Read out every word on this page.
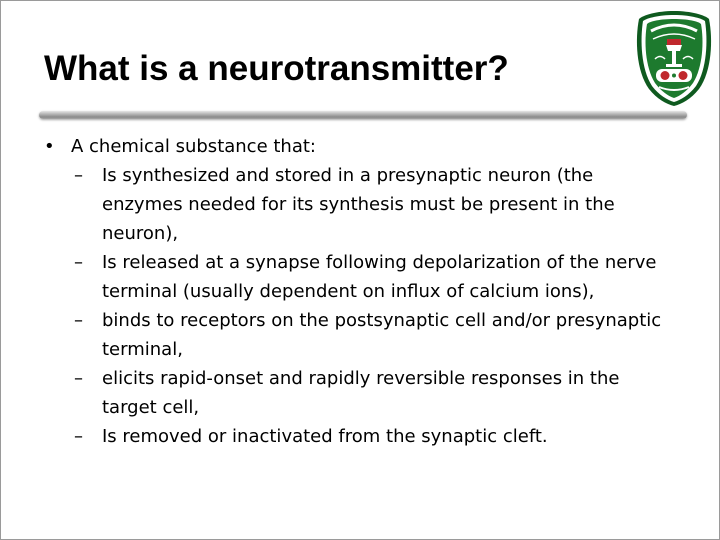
What is a neurotransmitter?
• A chemical substance that:
– Is synthesized and stored in a presynaptic neuron (the enzymes needed for its synthesis must be present in the neuron),
– Is released at a synapse following depolarization of the nerve terminal (usually dependent on influx of calcium ions),
– binds to receptors on the postsynaptic cell and/or presynaptic terminal,
– elicits rapid-onset and rapidly reversible responses in the target cell,
– Is removed or inactivated from the synaptic cleft.
